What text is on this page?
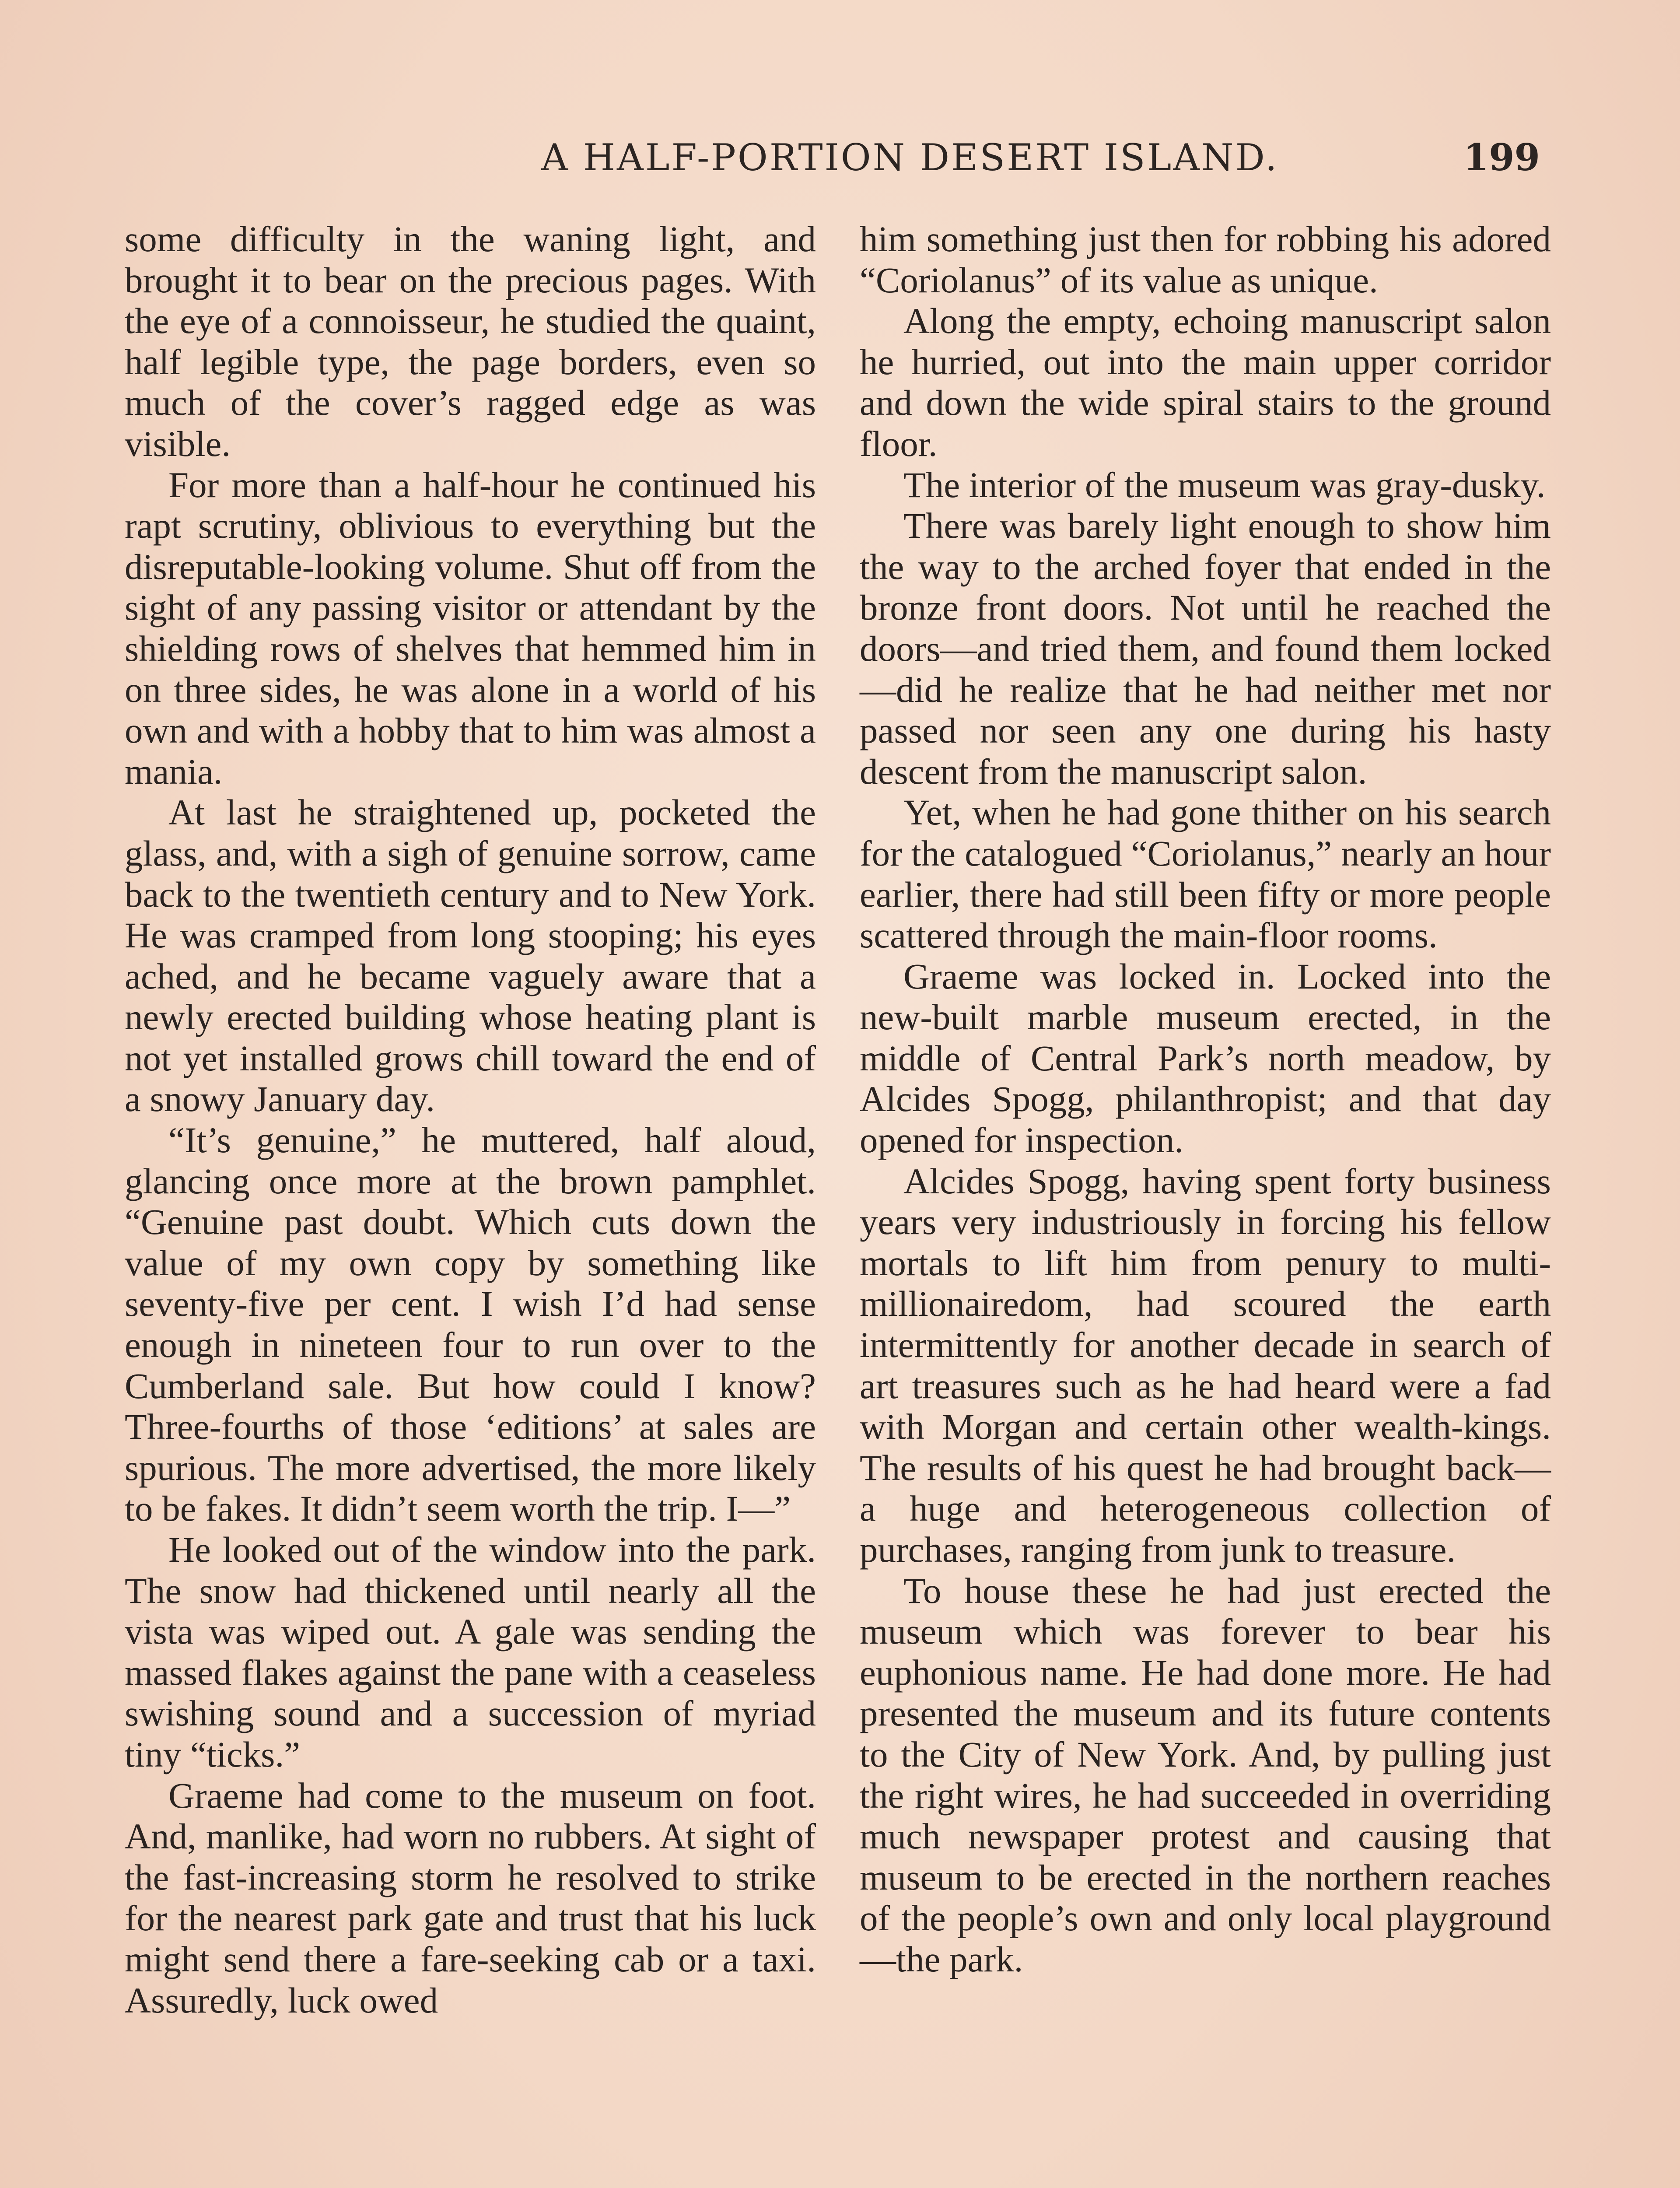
A HALF-PORTION DESERT ISLAND.	199

some difficulty in the waning light, and brought it to bear on the precious pages. With the eye of a connoisseur, he studied the quaint, half legible type, the page borders, even so much of the cover’s ragged edge as was visible.

For more than a half-hour he continued his rapt scrutiny, oblivious to everything but the disreputable-looking volume. Shut off from the sight of any passing visitor or attendant by the shielding rows of shelves that hemmed him in on three sides, he was alone in a world of his own and with a hobby that to him was almost a mania.

At last he straightened up, pocketed the glass, and, with a sigh of genuine sorrow, came back to the twentieth century and to New York. He was cramped from long stooping; his eyes ached, and he became vaguely aware that a newly erected building whose heating plant is not yet installed grows chill toward the end of a snowy January day.

“It’s genuine,” he muttered, half aloud, glancing once more at the brown pamphlet. “Genuine past doubt. Which cuts down the value of my own copy by something like seventy-five per cent. I wish I’d had sense enough in nineteen four to run over to the Cumberland sale. But how could I know? Three-fourths of those ‘editions’ at sales are spurious. The more advertised, the more likely to be fakes. It didn’t seem worth the trip. I—”

He looked out of the window into the park. The snow had thickened until nearly all the vista was wiped out. A gale was sending the massed flakes against the pane with a ceaseless swishing sound and a succession of myriad tiny “ticks.”

Graeme had come to the museum on foot. And, manlike, had worn no rubbers. At sight of the fast-increasing storm he resolved to strike for the nearest park gate and trust that his luck might send there a fare-seeking cab or a taxi. Assuredly, luck owed

him something just then for robbing his adored “Coriolanus” of its value as unique.

Along the empty, echoing manuscript salon he hurried, out into the main upper corridor and down the wide spiral stairs to the ground floor.

The interior of the museum was gray-dusky.

There was barely light enough to show him the way to the arched foyer that ended in the bronze front doors. Not until he reached the doors—and tried them, and found them locked—did he realize that he had neither met nor passed nor seen any one during his hasty descent from the manuscript salon.

Yet, when he had gone thither on his search for the catalogued “Coriolanus,” nearly an hour earlier, there had still been fifty or more people scattered through the main-floor rooms.

Graeme was locked in. Locked into the new-built marble museum erected, in the middle of Central Park’s north meadow, by Alcides Spogg, philanthropist; and that day opened for inspection.

Alcides Spogg, having spent forty business years very industriously in forcing his fellow mortals to lift him from penury to multi-millionairedom, had scoured the earth intermittently for another decade in search of art treasures such as he had heard were a fad with Morgan and certain other wealth-kings. The results of his quest he had brought back—a huge and heterogeneous collection of purchases, ranging from junk to treasure.

To house these he had just erected the museum which was forever to bear his euphonious name. He had done more. He had presented the museum and its future contents to the City of New York. And, by pulling just the right wires, he had succeeded in overriding much newspaper protest and causing that museum to be erected in the northern reaches of the people’s own and only local playground—the park.
